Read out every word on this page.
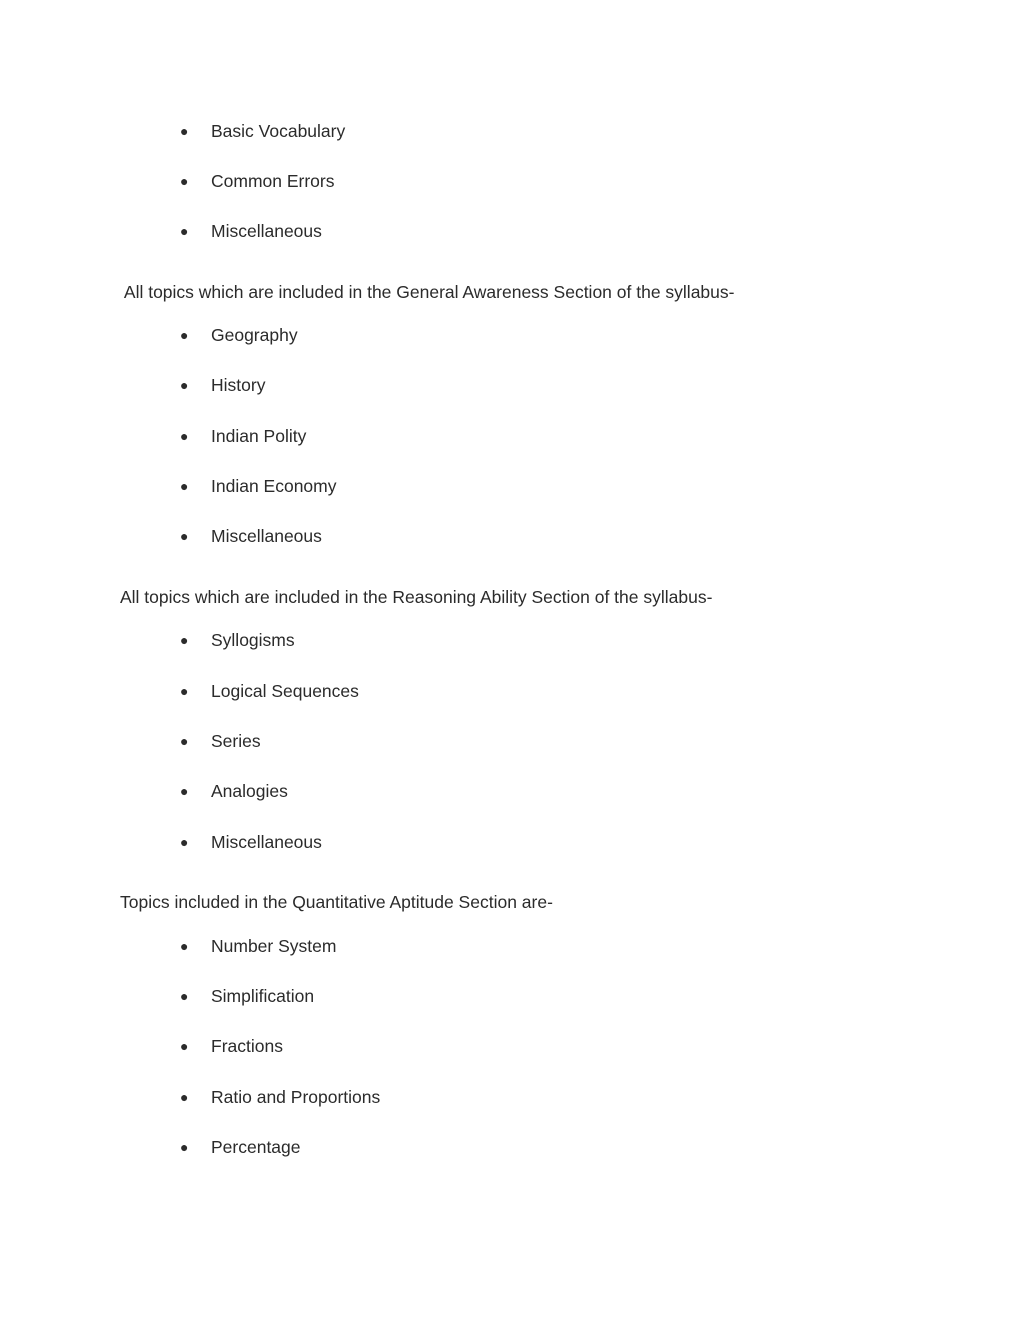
● Basic Vocabulary
● Common Errors
● Miscellaneous
All topics which are included in the General Awareness Section of the syllabus-
● Geography
● History
● Indian Polity
● Indian Economy
● Miscellaneous
All topics which are included in the Reasoning Ability Section of the syllabus-
● Syllogisms
● Logical Sequences
● Series
● Analogies
● Miscellaneous
Topics included in the Quantitative Aptitude Section are-
● Number System
● Simplification
● Fractions
● Ratio and Proportions
● Percentage
